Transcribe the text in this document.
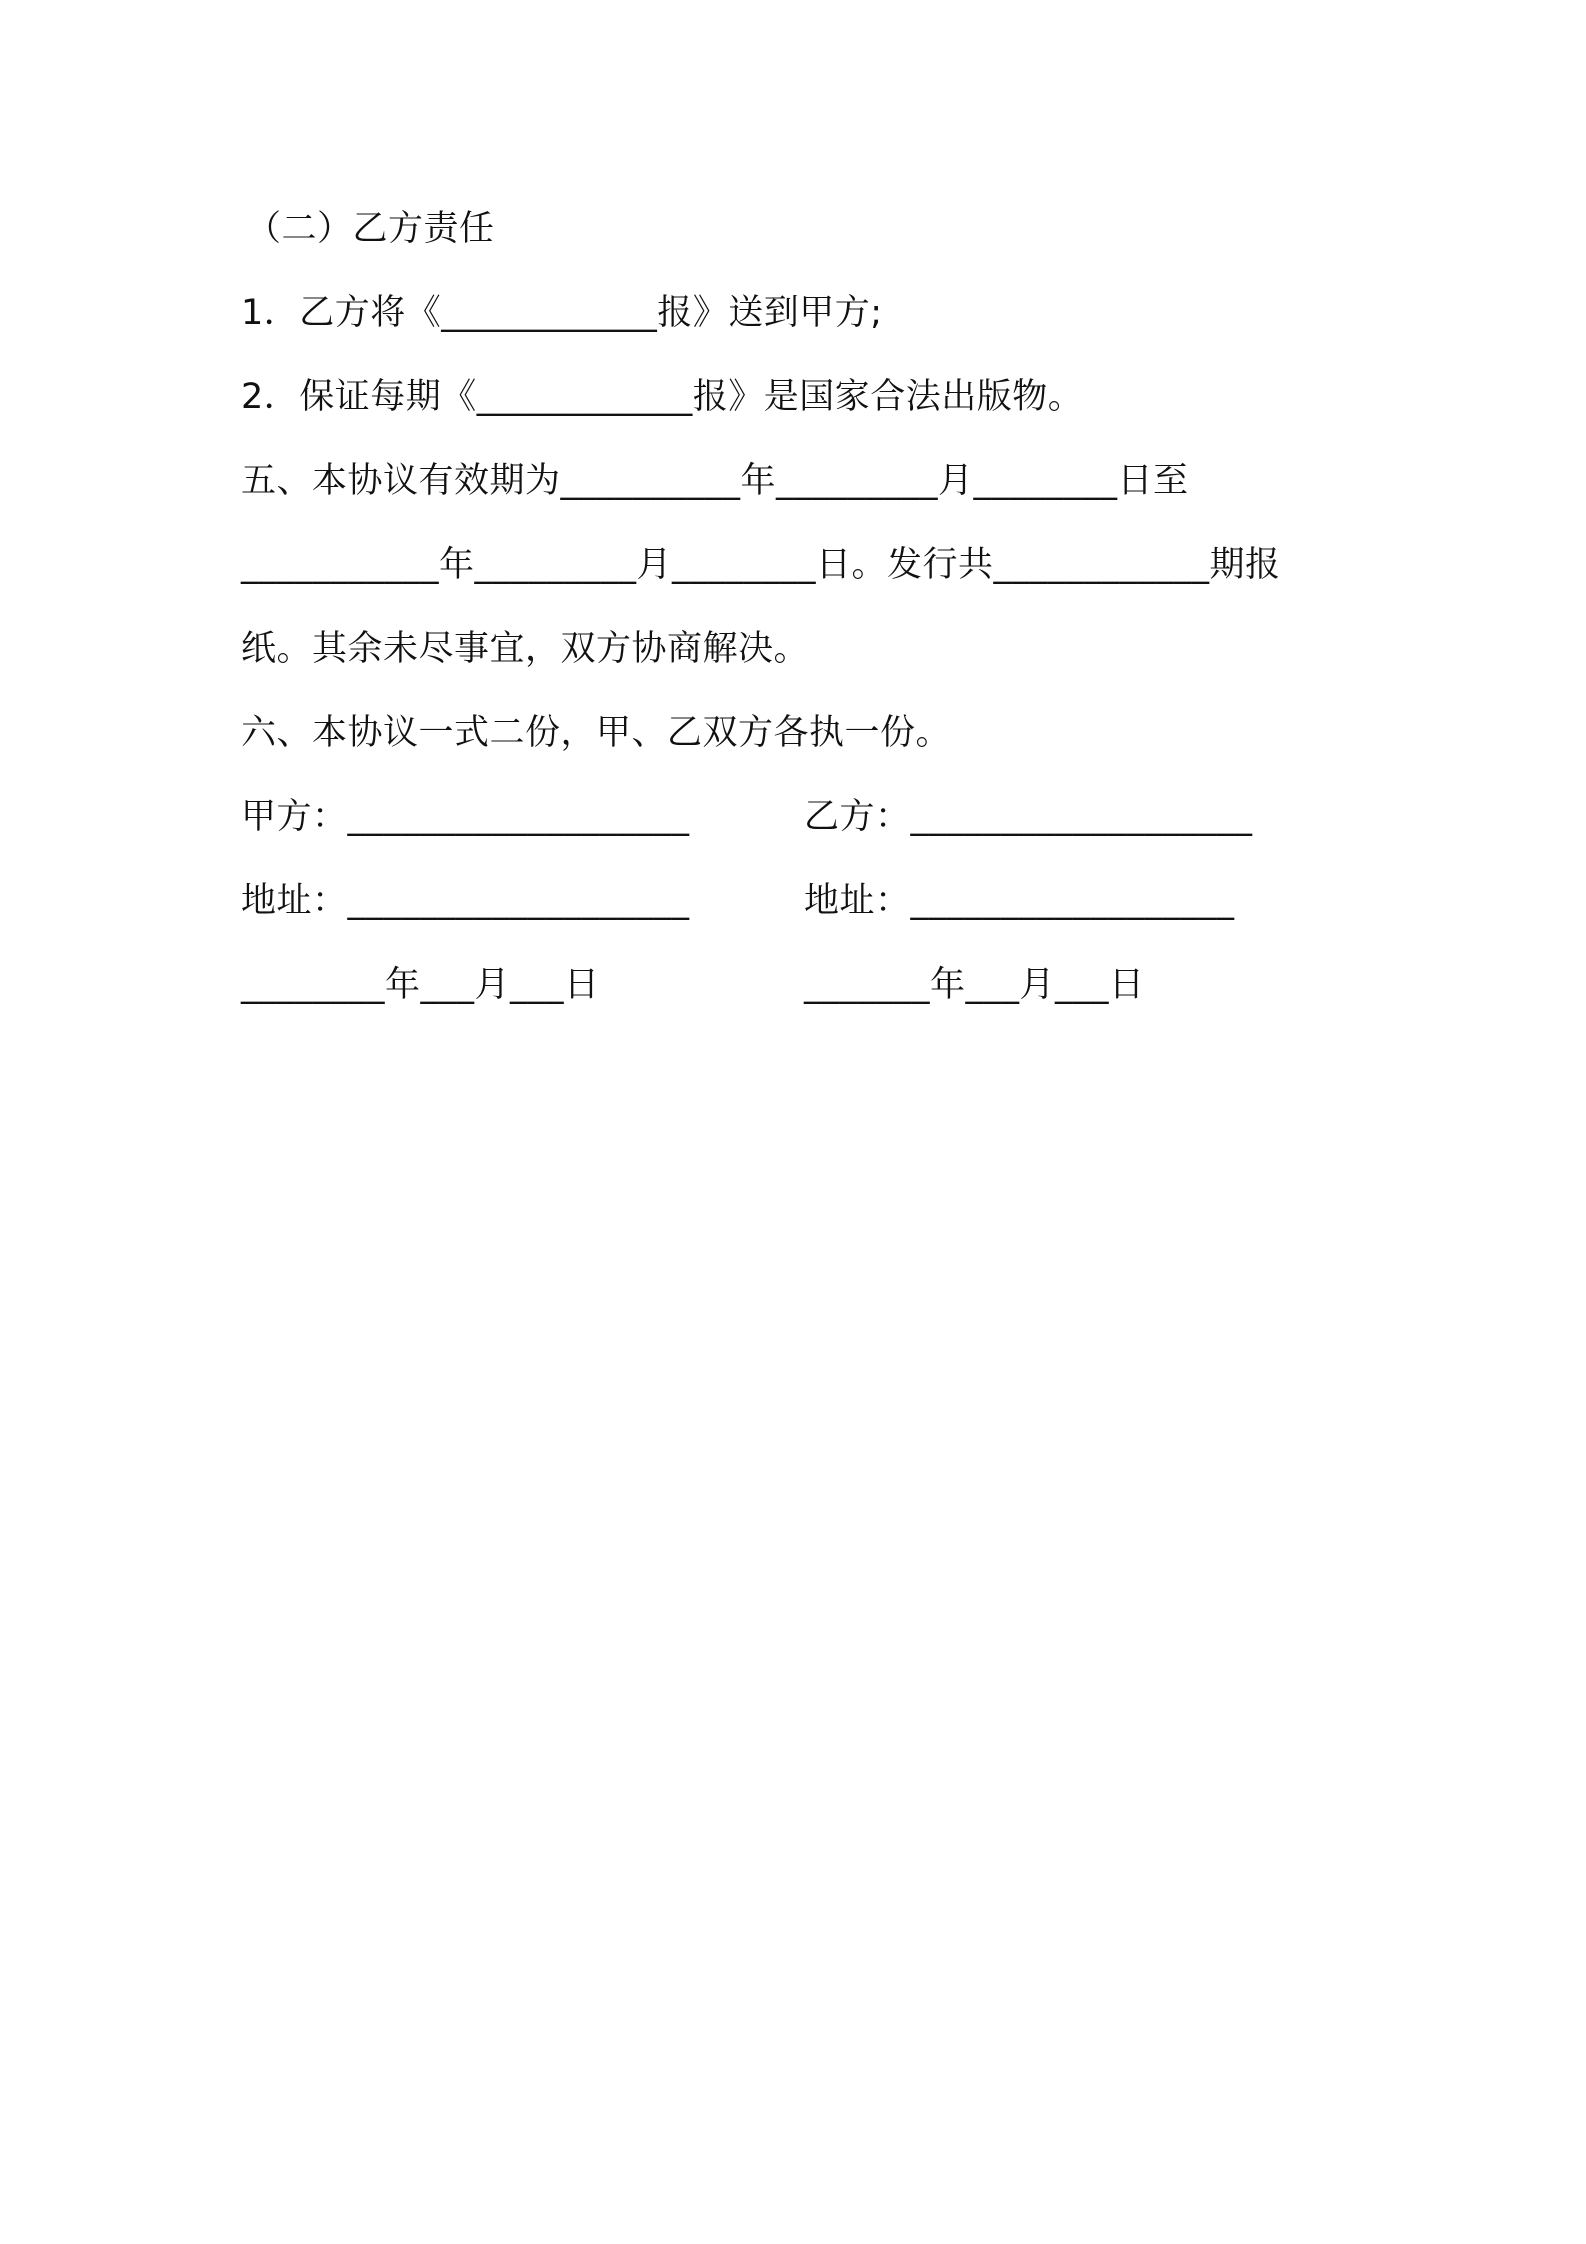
（二）乙方责任
1．乙方将《____________报》送到甲方;
2．保证每期《____________报》是国家合法出版物。
五、本协议有效期为__________年_________月________日至
___________年_________月________日。发行共____________期报
纸。其余未尽事宜，双方协商解决。
六、本协议一式二份，甲、乙双方各执一份。
甲方：___________________	乙方：___________________
地址：___________________	地址：__________________
________年___月___日	_______年___月___日
